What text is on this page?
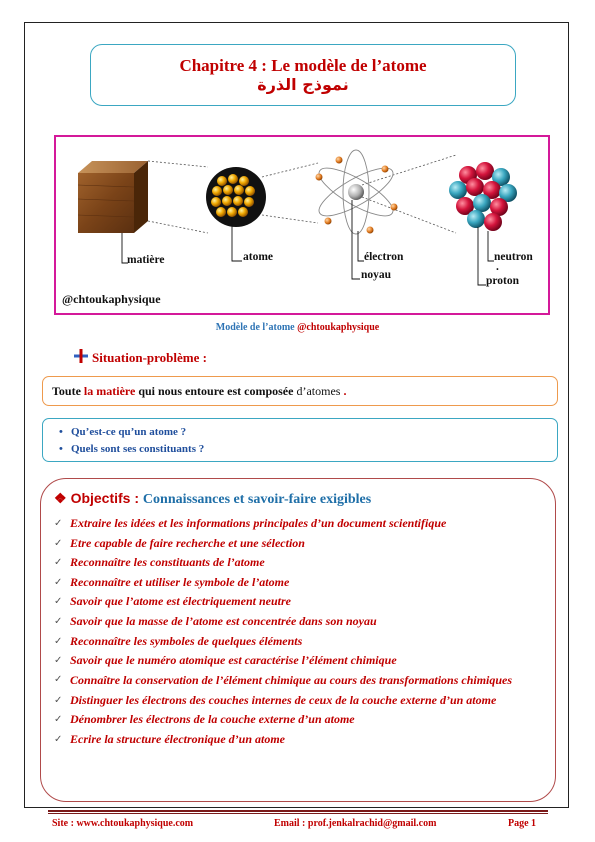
Chapitre 4 : Le modèle de l’atome
نموذج الذرة
matière	atome	électron
noyau
neutron
.
proton
@chtoukaphysique
Modèle de l’atome @chtoukaphysique
Situation-problème :
Toute la matière qui nous entoure est composée d’atomes .
• Qu’est-ce qu’un atome ?
• Quels sont ses constituants ?
❖ Objectifs : Connaissances et savoir-faire exigibles
✓ Extraire les idées et les informations principales d’un document scientifique
✓ Etre capable de faire recherche et une sélection
✓ Reconnaître les constituants de l’atome
✓ Reconnaître et utiliser le symbole de l’atome
✓ Savoir que l’atome est électriquement neutre
✓ Savoir que la masse de l’atome est concentrée dans son noyau
✓ Reconnaître les symboles de quelques éléments
✓ Savoir que le numéro atomique est caractérise l’élément chimique
✓ Connaître la conservation de l’élément chimique au cours des transformations chimiques
✓ Distinguer les électrons des couches internes de ceux de la couche externe d’un atome
✓ Dénombrer les électrons de la couche externe d’un atome
✓ Ecrire la structure électronique d’un atome
Site : www.chtoukaphysique.com	Email : prof.jenkalrachid@gmail.com	Page 1
